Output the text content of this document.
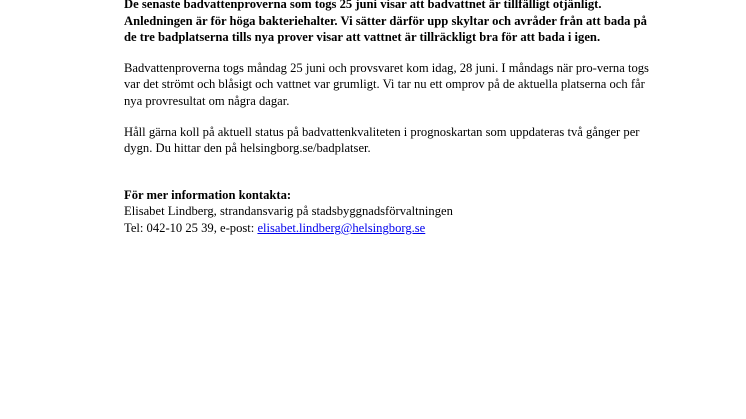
De senaste badvattenproverna som togs 25 juni visar att badvattnet är tillfälligt otjänligt. Anledningen är för höga bakteriehalter. Vi sätter därför upp skyltar och avråder från att bada på de tre badplatserna tills nya prover visar att vattnet är tillräckligt bra för att bada i igen.

Badvattenproverna togs måndag 25 juni och provsvaret kom idag, 28 juni. I måndags när pro-verna togs var det strömt och blåsigt och vattnet var grumligt. Vi tar nu ett omprov på de aktuella platserna och får nya provresultat om några dagar.

Håll gärna koll på aktuell status på badvattenkvaliteten i prognoskartan som uppdateras två gånger per dygn. Du hittar den på helsingborg.se/badplatser.

För mer information kontakta:

Elisabet Lindberg, strandansvarig på stadsbyggnadsförvaltningen

Tel: 042-10 25 39, e-post: elisabet.lindberg@helsingborg.se
